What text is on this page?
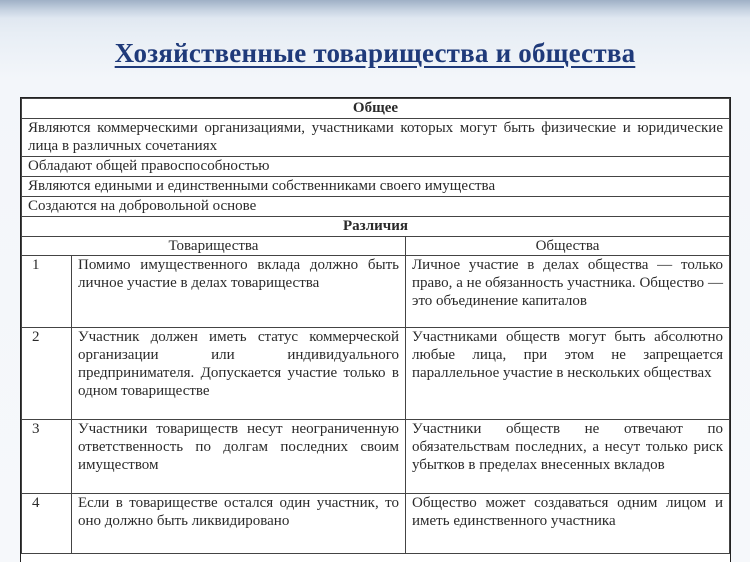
Хозяйственные товарищества и общества
Общее		
Являются коммерческими организациями, участниками которых могут быть физические и юридические лица в различных сочетаниях		
Обладают общей правоспособностью		
Являются едиными и единственными собственниками своего имущества		
Создаются на добровольной основе		
Различия		
Товарищества		Общества
1	Помимо имущественного вклада должно быть личное участие в делах товарищества	Личное участие в делах общества — только право, а не обязанность участника. Общество — это объединение капиталов
2	Участник должен иметь статус коммерческой организации или индивидуального предпринимателя. Допускается участие только в одном товариществе	Участниками обществ могут быть абсолютно любые лица, при этом не запрещается параллельное участие в нескольких обществах
3	Участники товариществ несут неограниченную ответственность по долгам последних своим имуществом	Участники обществ не отвечают по обязательствам последних, а несут только риск убытков в пределах внесенных вкладов
4	Если в товариществе остался один участник, то оно должно быть ликвидировано	Общество может создаваться одним лицом и иметь единственного участника
